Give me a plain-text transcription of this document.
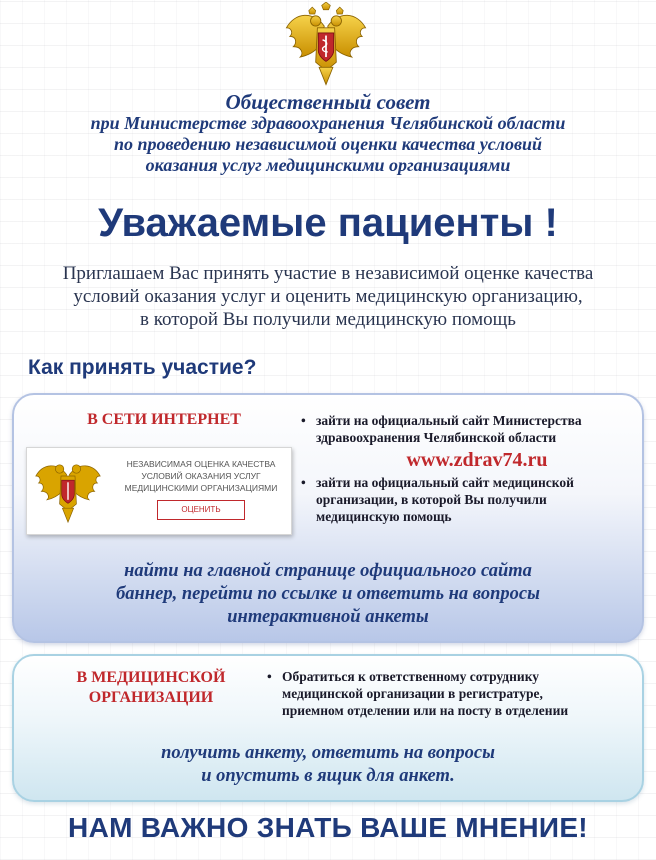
Общественный совет
при Министерстве здравоохранения Челябинской области
по проведению независимой оценки качества условий
оказания услуг медицинскими организациями
Уважаемые пациенты !
Приглашаем Вас принять участие в независимой оценке качества
условий оказания услуг и оценить медицинскую организацию,
в которой Вы получили медицинскую помощь
Как принять участие?
В СЕТИ ИНТЕРНЕТ
НЕЗАВИСИМАЯ ОЦЕНКА КАЧЕСТВА
УСЛОВИЙ ОКАЗАНИЯ УСЛУГ
МЕДИЦИНСКИМИ ОРГАНИЗАЦИЯМИ
ОЦЕНИТЬ
• зайти на официальный сайт Министерства
здравоохранения Челябинской области
www.zdrav74.ru
• зайти на официальный сайт медицинской
организации, в которой Вы получили
медицинскую помощь
найти на главной странице официального сайта
баннер, перейти по ссылке и ответить на вопросы
интерактивной анкеты
В МЕДИЦИНСКОЙ
ОРГАНИЗАЦИИ
• Обратиться к ответственному сотруднику
медицинской организации в регистратуре,
приемном отделении или на посту в отделении
получить анкету, ответить на вопросы
и опустить в ящик для анкет.
НАМ ВАЖНО ЗНАТЬ ВАШЕ МНЕНИЕ!
